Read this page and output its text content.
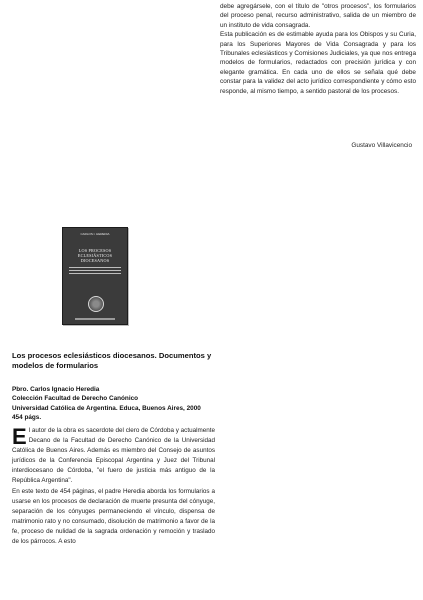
debe agregársele, con el título de "otros procesos", los formularios del proceso penal, recurso administrativo, salida de un miembro de un instituto de vida consagrada.

Esta publicación es de estimable ayuda para los Obispos y su Curia, para los Superiores Mayores de Vida Consagrada y para los Tribunales eclesiásticos y Comisiones Judiciales, ya que nos entrega modelos de formularios, redactados con precisión jurídica y con elegante gramática. En cada uno de ellos se señala qué debe constar para la validez del acto jurídico correspondiente y cómo esto responde, al mismo tiempo, a sentido pastoral de los procesos.

Gustavo Villavicencio
CARLOS I. HEREDIA
LOS PROCESOS ECLESIÁSTICOS DIOCESANOS
Los procesos eclesiásticos diocesanos. Documentos y modelos de formularios
Pbro. Carlos Ignacio Heredia
Colección Facultad de Derecho Canónico
Universidad Católica de Argentina. Educa, Buenos Aires, 2000
454 págs.

El autor de la obra es sacerdote del clero de Córdoba y actualmente Decano de la Facultad de Derecho Canónico de la Universidad Católica de Buenos Aires. Además es miembro del Consejo de asuntos jurídicos de la Conferencia Episcopal Argentina y Juez del Tribunal interdiocesano de Córdoba, "el fuero de justicia más antiguo de la República Argentina".

En este texto de 454 páginas, el padre Heredia aborda los formularios a usarse en los procesos de declaración de muerte presunta del cónyuge, separación de los cónyuges permaneciendo el vínculo, dispensa de matrimonio rato y no consumado, disolución de matrimonio a favor de la fe, proceso de nulidad de la sagrada ordenación y remoción y traslado de los párrocos. A esto
